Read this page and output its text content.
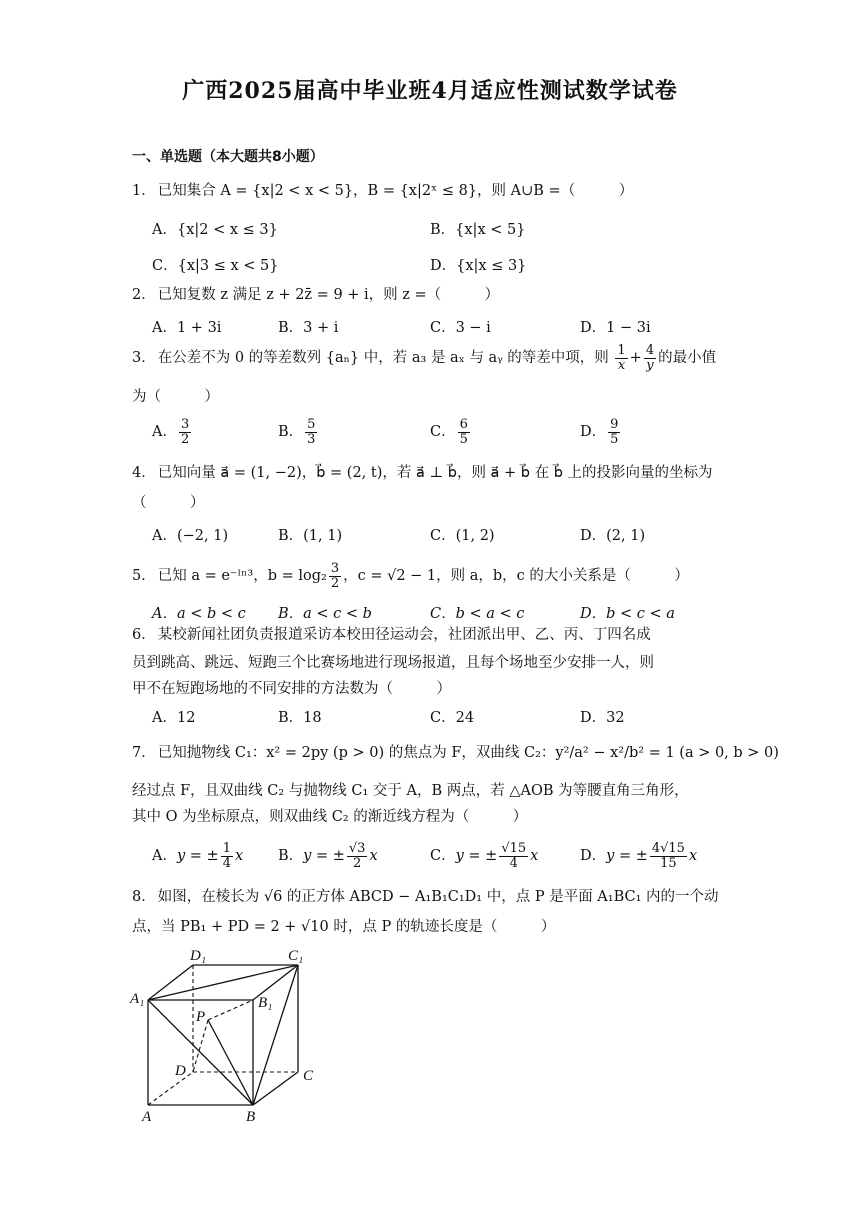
广西2025届高中毕业班4月适应性测试数学试卷
一、单选题（本大题共8小题）
1． 已知集合 A = {x|2 < x < 5}，B = {x|2ˣ ≤ 8}，则 A∪B =（　　　）
A．{x|2 < x ≤ 3}	B．{x|x < 5}
C．{x|3 ≤ x < 5}	D．{x|x ≤ 3}
2． 已知复数 z 满足 z + 2z̄ = 9 + i，则 z =（　　　）
A．1 + 3i	B．3 + i	C．3 − i	D．1 − 3i
3． 在公差不为 0 的等差数列 {aₙ} 中，若 a₃ 是 aₓ 与 aᵧ 的等差中项，则 $\frac{1}{x} + \frac{4}{y}$ 的最小值
为（　　　）
A． $\frac{3}{2}$	B． $\frac{5}{3}$	C． $\frac{6}{5}$	D． $\frac{9}{5}$
4． 已知向量 a⃗ = (1, −2)，b⃗ = (2, t)，若 a⃗ ⊥ b⃗，则 a⃗ + b⃗ 在 b⃗ 上的投影向量的坐标为
（　　　）
A．(−2, 1)	B．(1, 1)	C．(1, 2)	D．(2, 1)
5． 已知 a = e⁻ˡⁿ³，$b = \log_2 \frac{3}{2}$ ，c = √2 − 1，则 a，b，c 的大小关系是（　　　）
A．a < b < c B．a < c < b	C．b < a < c	D．b < c < a
6． 某校新闻社团负责报道采访本校田径运动会，社团派出甲、乙、丙、丁四名成
员到跳高、跳远、短跑三个比赛场地进行现场报道，且每个场地至少安排一人，则
甲不在短跑场地的不同安排的方法数为（　　　）
A．12	B．18	C．24	D．32
7． 已知抛物线 C₁：x² = 2py (p > 0) 的焦点为 F，双曲线 C₂：y²/a² − x²/b² = 1 (a > 0, b > 0)
经过点 F，且双曲线 C₂ 与抛物线 C₁ 交于 A，B 两点，若 △AOB 为等腰直角三角形，
其中 O 为坐标原点，则双曲线 C₂ 的渐近线方程为（　　　）
A．y = ± $\frac{1}{4}$ x B．y = ± $\frac{√3}{2}$ x	C．y = ± $\frac{√15}{4}$ x	D．y = ± $\frac{4√15}{15}$ x
8． 如图，在棱长为 √6 的正方体 ABCD − A₁B₁C₁D₁ 中，点 P 是平面 A₁BC₁ 内的一个动
点，当 PB₁ + PD = 2 + √10 时，点 P 的轨迹长度是（　　　）
A₁	B₁
C₁
D₁
P
D	C
A	B
